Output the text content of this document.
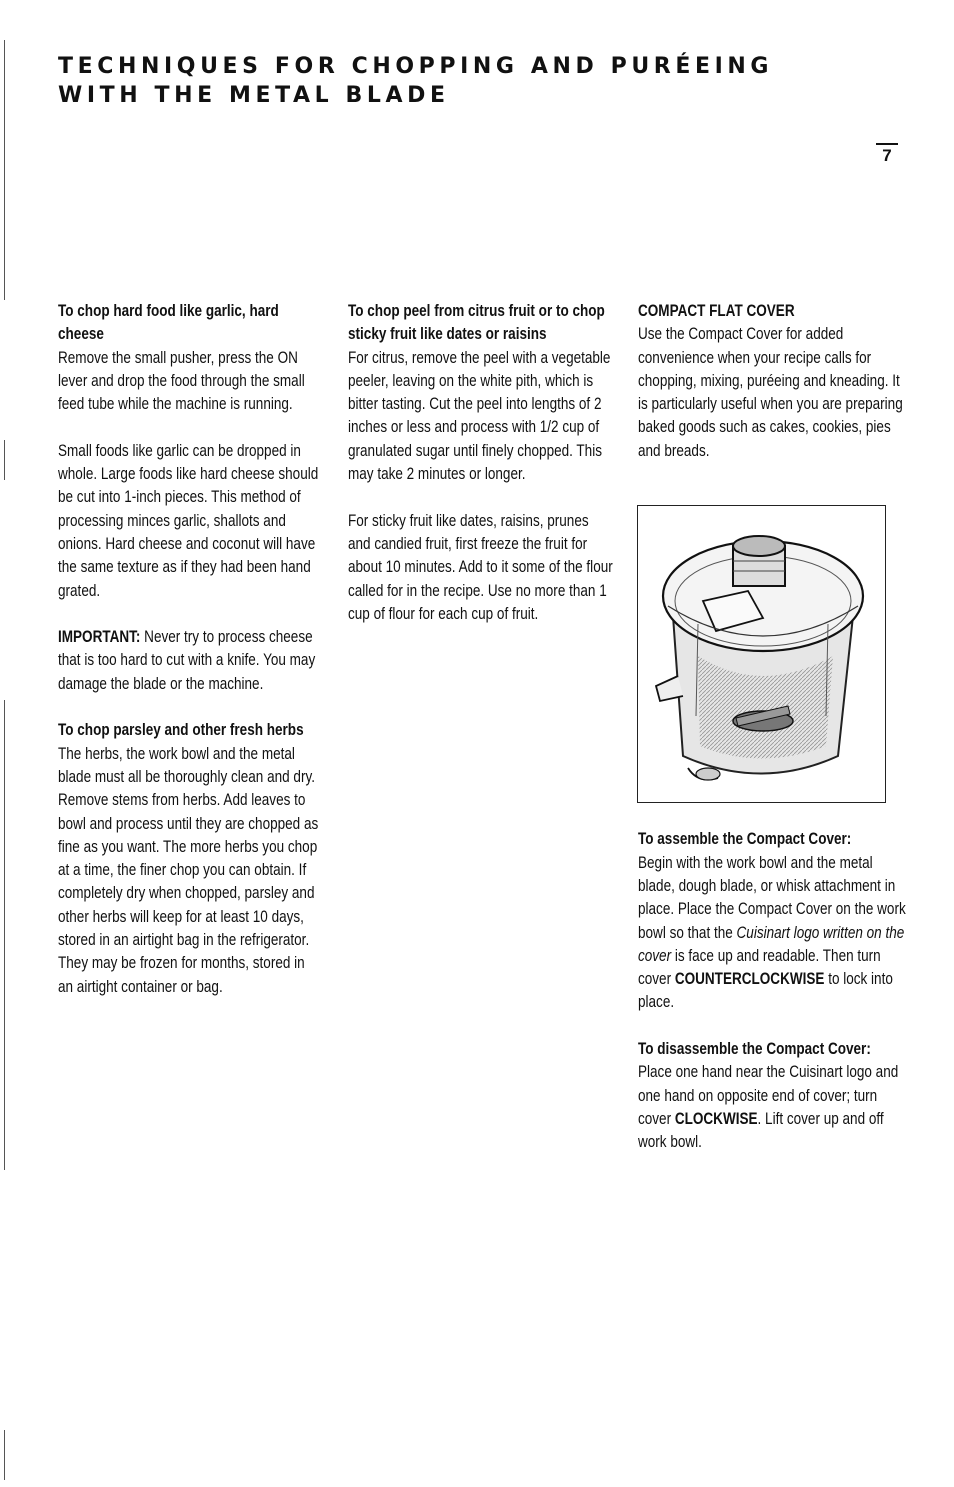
TECHNIQUES FOR CHOPPING AND PURÉEING
WITH THE METAL BLADE
7
To chop hard food like garlic, hard cheese
Remove the small pusher, press the ON lever and drop the food through the small feed tube while the machine is running.
Small foods like garlic can be dropped in whole. Large foods like hard cheese should be cut into 1-inch pieces. This method of processing minces garlic, shallots and onions. Hard cheese and coconut will have the same texture as if they had been hand grated.
IMPORTANT: Never try to process cheese that is too hard to cut with a knife. You may damage the blade or the machine.
To chop parsley and other fresh herbs
The herbs, the work bowl and the metal blade must all be thoroughly clean and dry. Remove stems from herbs. Add leaves to bowl and process until they are chopped as fine as you want. The more herbs you chop at a time, the finer chop you can obtain. If completely dry when chopped, parsley and other herbs will keep for at least 10 days, stored in an airtight bag in the refrigerator. They may be frozen for months, stored in an airtight container or bag.
To chop peel from citrus fruit or to chop sticky fruit like dates or raisins
For citrus, remove the peel with a vegetable peeler, leaving on the white pith, which is bitter tasting. Cut the peel into lengths of 2 inches or less and process with 1/2 cup of granulated sugar until finely chopped. This may take 2 minutes or longer.
For sticky fruit like dates, raisins, prunes and candied fruit, first freeze the fruit for about 10 minutes. Add to it some of the flour called for in the recipe. Use no more than 1 cup of flour for each cup of fruit.
COMPACT FLAT COVER
Use the Compact Cover for added convenience when your recipe calls for chopping, mixing, puréeing and kneading. It is particularly useful when you are preparing baked goods such as cakes, cookies, pies and breads.
To assemble the Compact Cover:
Begin with the work bowl and the metal blade, dough blade, or whisk attachment in place. Place the Compact Cover on the work bowl so that the Cuisinart logo written on the cover is face up and readable. Then turn cover COUNTERCLOCKWISE to lock into place.
To disassemble the Compact Cover:
Place one hand near the Cuisinart logo and one hand on opposite end of cover; turn cover CLOCKWISE. Lift cover up and off work bowl.
